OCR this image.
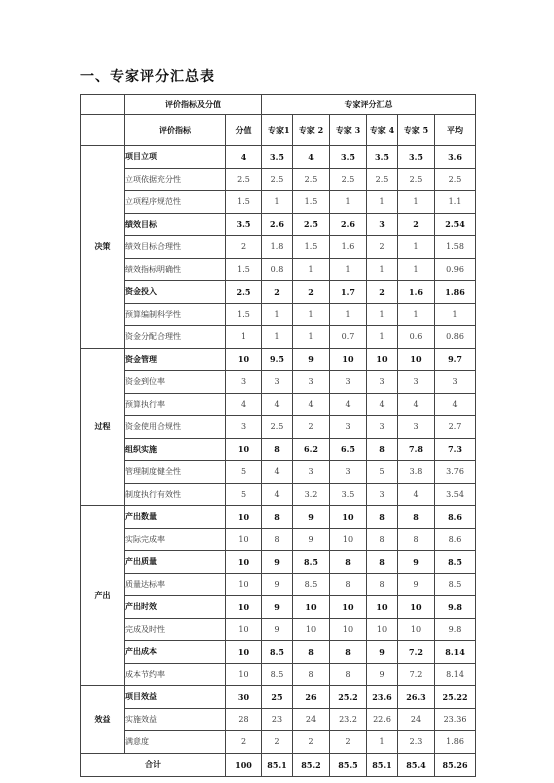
一、专家评分汇总表
	评价指标及分值		专家评分汇总					
	评价指标	分值	专家1	专家 2	专家 3	专家 4	专家 5	平均
决策	项目立项	4	3.5	4	3.5	3.5	3.5	3.6
	立项依据充分性	2.5	2.5	2.5	2.5	2.5	2.5	2.5
	立项程序规范性	1.5	1	1.5	1	1	1	1.1
	绩效目标	3.5	2.6	2.5	2.6	3	2	2.54
	绩效目标合理性	2	1.8	1.5	1.6	2	1	1.58
	绩效指标明确性	1.5	0.8	1	1	1	1	0.96
	资金投入	2.5	2	2	1.7	2	1.6	1.86
	预算编制科学性	1.5	1	1	1	1	1	1
	资金分配合理性	1	1	1	0.7	1	0.6	0.86
过程	资金管理	10	9.5	9	10	10	10	9.7
	资金到位率	3	3	3	3	3	3	3
	预算执行率	4	4	4	4	4	4	4
	资金使用合规性	3	2.5	2	3	3	3	2.7
	组织实施	10	8	6.2	6.5	8	7.8	7.3
	管理制度健全性	5	4	3	3	5	3.8	3.76
	制度执行有效性	5	4	3.2	3.5	3	4	3.54
产出	产出数量	10	8	9	10	8	8	8.6
	实际完成率	10	8	9	10	8	8	8.6
	产出质量	10	9	8.5	8	8	9	8.5
	质量达标率	10	9	8.5	8	8	9	8.5
	产出时效	10	9	10	10	10	10	9.8
	完成及时性	10	9	10	10	10	10	9.8
	产出成本	10	8.5	8	8	9	7.2	8.14
	成本节约率	10	8.5	8	8	9	7.2	8.14
效益	项目效益	30	25	26	25.2	23.6	26.3	25.22
	实施效益	28	23	24	23.2	22.6	24	23.36
	满意度	2	2	2	2	1	2.3	1.86
合计		100	85.1	85.2	85.5	85.1	85.4	85.26
